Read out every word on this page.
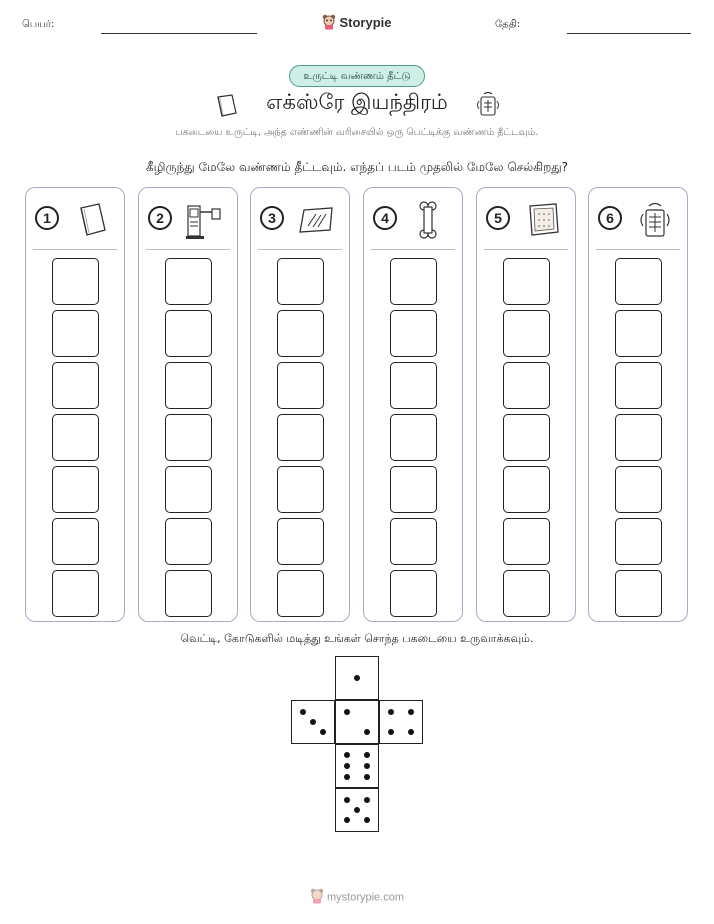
பெயர்:	Storypie	தேதி:
உருட்டி வண்ணம் தீட்டு
எக்ஸ்ரே இயந்திரம்
பகடையை உருட்டி, அந்த எண்ணின் வரிசையில் ஒரு பெட்டிக்கு வண்ணம் தீட்டவும்.
கீழிருந்து மேலே வண்ணம் தீட்டவும். எந்தப் படம் முதலில் மேலே செல்கிறது?
1	2	3	4	5	6
வெட்டி, கோடுகளில் மடித்து உங்கள் சொந்த பகடையை உருவாக்கவும்.
mystorypie.com
